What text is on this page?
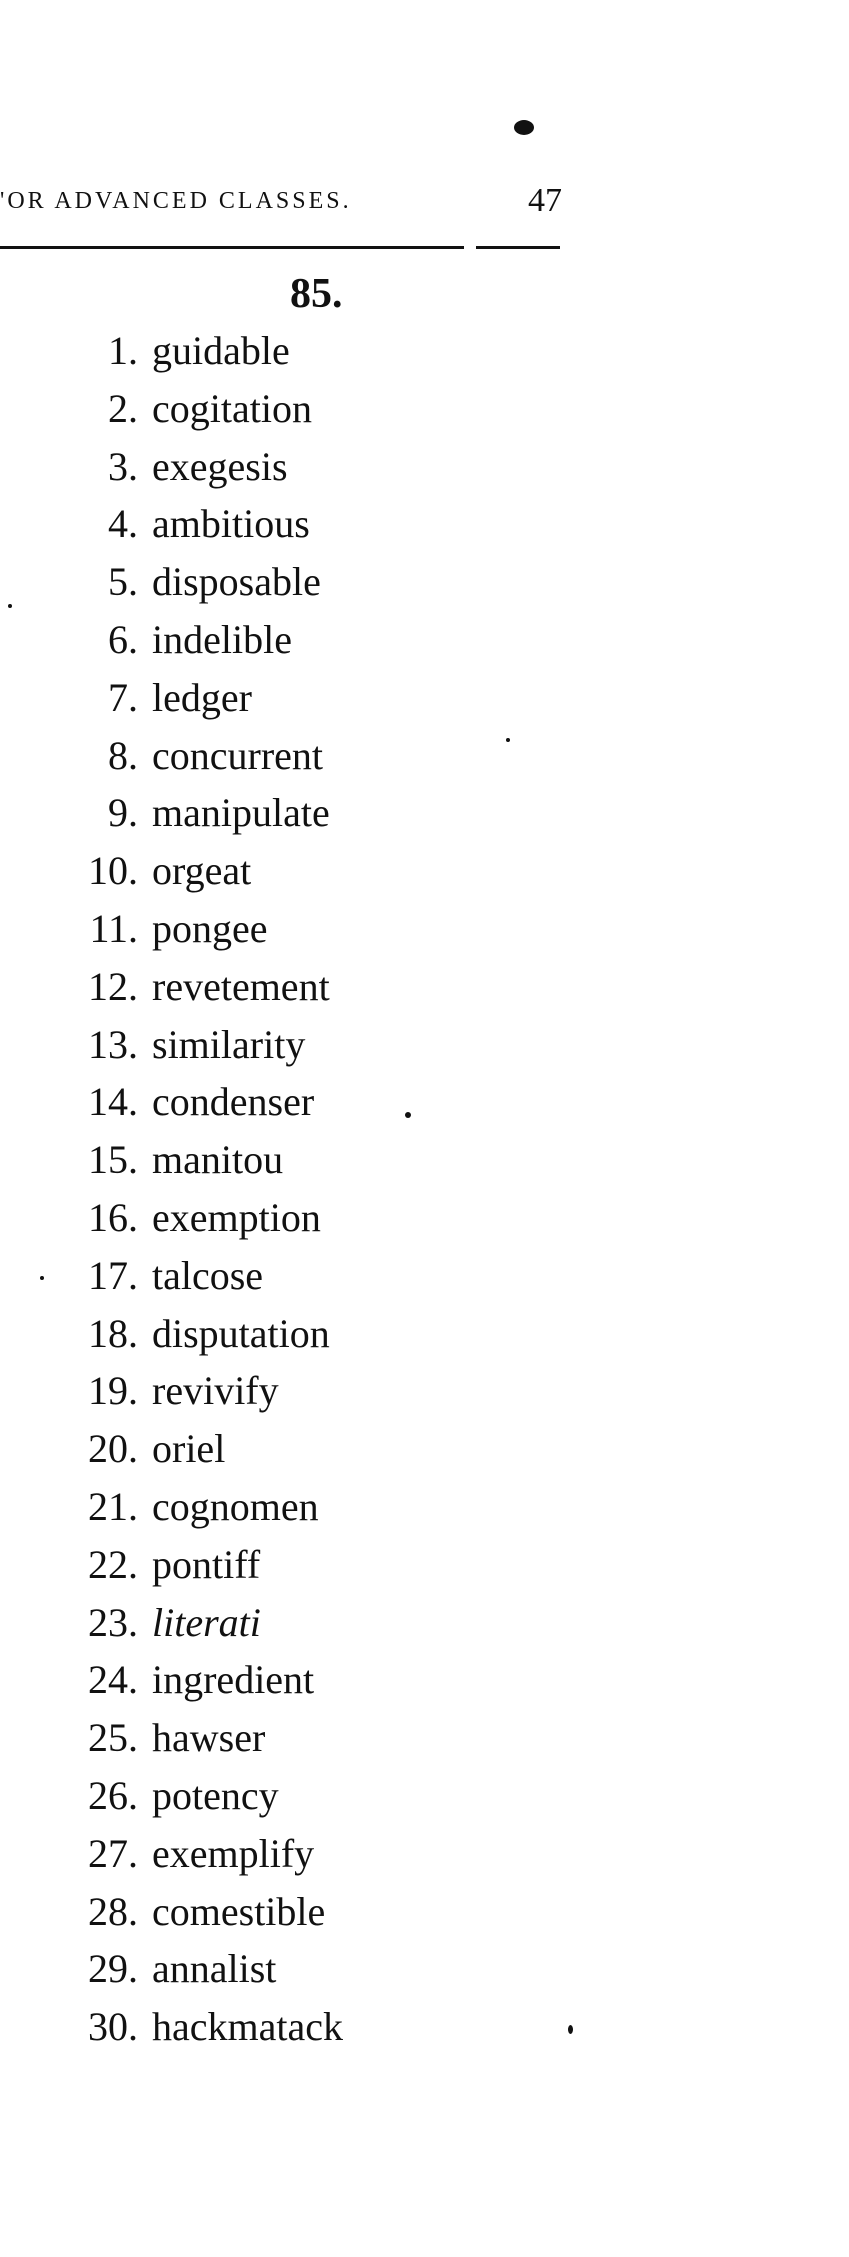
'OR ADVANCED CLASSES.	47
85.
1. guidable
2. cogitation
3. exegesis
4. ambitious
5. disposable
6. indelible
7. ledger
8. concurrent
9. manipulate
10. orgeat
11. pongee
12. revetement
13. similarity
14. condenser
15. manitou
16. exemption
17. talcose
18. disputation
19. revivify
20. oriel
21. cognomen
22. pontiff
23. literati
24. ingredient
25. hawser
26. potency
27. exemplify
28. comestible
29. annalist
30. hackmatack
